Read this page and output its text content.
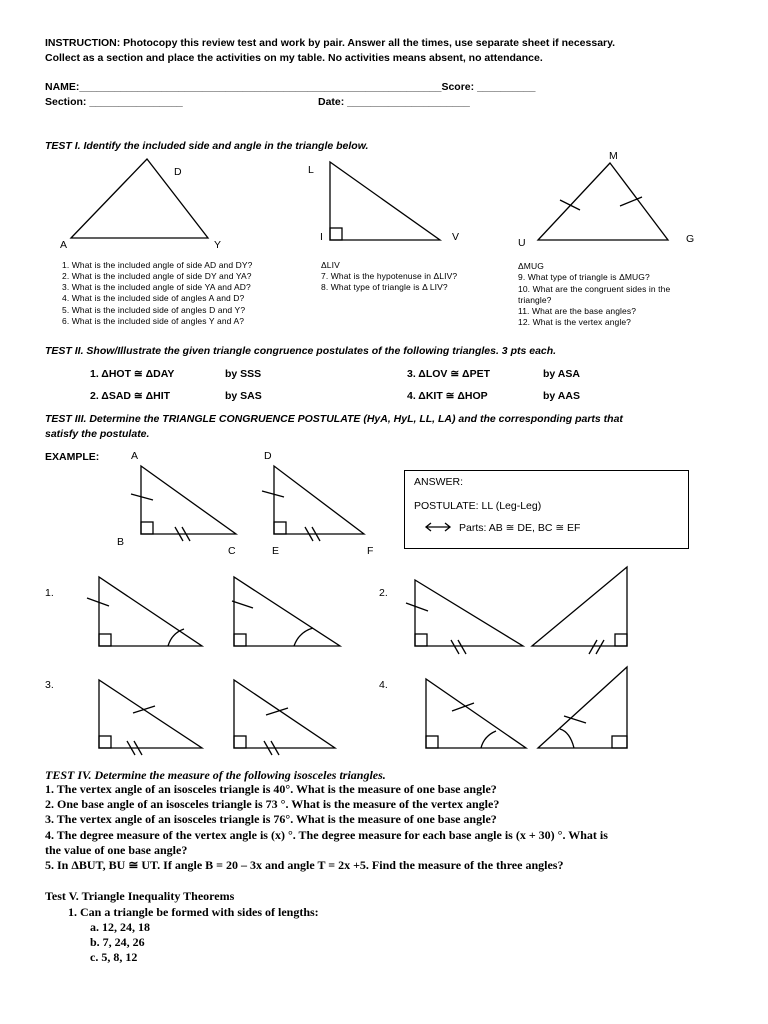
INSTRUCTION: Photocopy this review test and work by pair. Answer all the times, use separate sheet if necessary.
Collect as a section and place the activities on my table. No activities means absent, no attendance.
NAME:______________________________________________________________Score: __________
Section: ________________	Date: _____________________
TEST I. Identify the included side and angle in the triangle below.
D
A	Y
L
I	V
M
U	G
1. What is the included angle of side AD and DY?
2. What is the included angle of side DY and YA?
3. What is the included angle of side YA and AD?
4. What is the included side of angles A and D?
5. What is the included side of angles D and Y?
6. What is the included side of angles Y and A?
ΔLIV
7. What is the hypotenuse in ΔLIV?
8. What type of triangle is Δ LIV?
ΔMUG
9. What type of triangle is ΔMUG?
10. What are the congruent sides in the
triangle?
11. What are the base angles?
12. What is the vertex angle?
TEST II. Show/Illustrate the given triangle congruence postulates of the following triangles. 3 pts each.
1. ΔHOT ≅ ΔDAY	by SSS	3. ΔLOV ≅ ΔPET	by ASA
2. ΔSAD ≅ ΔHIT	by SAS	4. ΔKIT ≅ ΔHOP	by AAS
TEST III. Determine the TRIANGLE CONGRUENCE POSTULATE (HyA, HyL, LL, LA) and the corresponding parts that
satisfy the postulate.
EXAMPLE:	A
B
C
D
E	F
ANSWER:
POSTULATE: LL (Leg-Leg)
Parts: AB ≅ DE, BC ≅ EF
1.	2.
3.	4.
TEST IV. Determine the measure of the following isosceles triangles.
1. The vertex angle of an isosceles triangle is 40°. What is the measure of one base angle?
2. One base angle of an isosceles triangle is 73 °. What is the measure of the vertex angle?
3. The vertex angle of an isosceles triangle is 76°. What is the measure of one base angle?
4. The degree measure of the vertex angle is (x) °. The degree measure for each base angle is (x + 30) °. What is
the value of one base angle?
5. In ΔBUT, BU ≅ UT. If angle B = 20 – 3x and angle T = 2x +5. Find the measure of the three angles?
Test V. Triangle Inequality Theorems
1. Can a triangle be formed with sides of lengths:
a. 12, 24, 18
b. 7, 24, 26
c. 5, 8, 12
